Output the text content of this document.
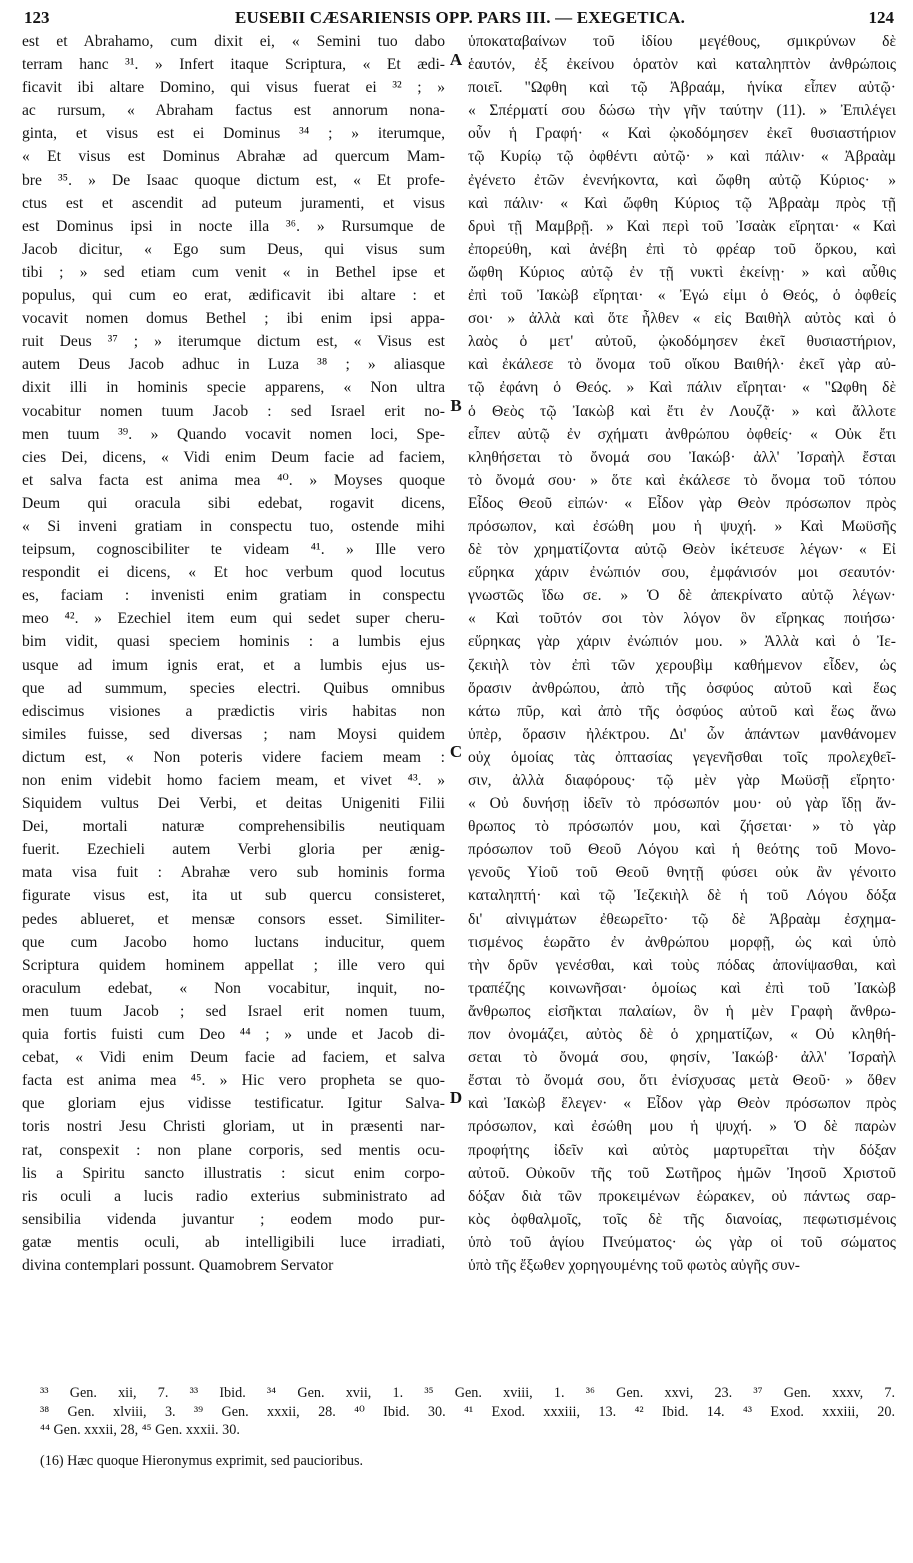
123	EUSEBII CÆSARIENSIS OPP. PARS III. — EXEGETICA.	124
est et Abrahamo, cum dixit ei, « Semini tuo dabo
terram hanc ³¹. » Infert itaque Scriptura, « Et ædi-
ficavit ibi altare Domino, qui visus fuerat ei ³² ; »
ac rursum, « Abraham factus est annorum nona-
ginta, et visus est ei Dominus ³⁴ ; » iterumque,
« Et visus est Dominus Abrahæ ad quercum Mam-
bre ³⁵. » De Isaac quoque dictum est, « Et profe-
ctus est et ascendit ad puteum juramenti, et visus
est Dominus ipsi in nocte illa ³⁶. » Rursumque de
Jacob dicitur, « Ego sum Deus, qui visus sum
tibi ; » sed etiam cum venit « in Bethel ipse et
populus, qui cum eo erat, ædificavit ibi altare : et
vocavit nomen domus Bethel ; ibi enim ipsi appa-
ruit Deus ³⁷ ; » iterumque dictum est, « Visus est
autem Deus Jacob adhuc in Luza ³⁸ ; » aliasque
dixit illi in hominis specie apparens, « Non ultra
vocabitur nomen tuum Jacob : sed Israel erit no-
men tuum ³⁹. » Quando vocavit nomen loci, Spe-
cies Dei, dicens, « Vidi enim Deum facie ad faciem,
et salva facta est anima mea ⁴⁰. » Moyses quoque
Deum qui oracula sibi edebat, rogavit dicens,
« Si inveni gratiam in conspectu tuo, ostende mihi
teipsum, cognoscibiliter te videam ⁴¹. » Ille vero
respondit ei dicens, « Et hoc verbum quod locutus
es, faciam : invenisti enim gratiam in conspectu
meo ⁴². » Ezechiel item eum qui sedet super cheru-
bim vidit, quasi speciem hominis : a lumbis ejus
usque ad imum ignis erat, et a lumbis ejus us-
que ad summum, species electri. Quibus omnibus
ediscimus visiones a prædictis viris habitas non
similes fuisse, sed diversas ; nam Moysi quidem
dictum est, « Non poteris videre faciem meam :
non enim videbit homo faciem meam, et vivet ⁴³. »
Siquidem vultus Dei Verbi, et deitas Unigeniti Filii
Dei, mortali naturæ comprehensibilis neutiquam
fuerit. Ezechieli autem Verbi gloria per ænig-
mata visa fuit : Abrahæ vero sub hominis forma
figurate visus est, ita ut sub quercu consisteret,
pedes ablueret, et mensæ consors esset. Similiter-
que cum Jacobo homo luctans inducitur, quem
Scriptura quidem hominem appellat ; ille vero qui
oraculum edebat, « Non vocabitur, inquit, no-
men tuum Jacob ; sed Israel erit nomen tuum,
quia fortis fuisti cum Deo ⁴⁴ ; » unde et Jacob di-
cebat, « Vidi enim Deum facie ad faciem, et salva
facta est anima mea ⁴⁵. » Hic vero propheta se quo-
que gloriam ejus vidisse testificatur. Igitur Salva-
toris nostri Jesu Christi gloriam, ut in præsenti nar-
rat, conspexit : non plane corporis, sed mentis ocu-
lis a Spiritu sancto illustratis : sicut enim corpo-
ris oculi a lucis radio exterius subministrato ad
sensibilia videnda juvantur ; eodem modo pur-
gatæ mentis oculi, ab intelligibili luce irradiati,
divina contemplari possunt. Quamobrem Servator
A
B
C
D
ὑποκαταβαίνων τοῦ ἰδίου μεγέθους, σμικρύνων δὲ
ἑαυτόν, ἐξ ἐκείνου ὁρατὸν καὶ καταληπτὸν ἀνθρώποις
ποιεῖ. "Ωφθη καὶ τῷ Ἀβραάμ, ἡνίκα εἶπεν αὐτῷ·
« Σπέρματί σου δώσω τὴν γῆν ταύτην (11). » Ἐπιλέγει
οὖν ἡ Γραφή· « Καὶ ᾠκοδόμησεν ἐκεῖ θυσιαστήριον
τῷ Κυρίῳ τῷ ὀφθέντι αὐτῷ· » καὶ πάλιν· « Ἀβραὰμ
ἐγένετο ἐτῶν ἐνενήκοντα, καὶ ὤφθη αὐτῷ Κύριος· »
καὶ πάλιν· « Καὶ ὤφθη Κύριος τῷ Ἀβραὰμ πρὸς τῇ
δρυὶ τῇ Μαμβρῇ. » Καὶ περὶ τοῦ Ἰσαὰκ εἴρηται· « Καὶ
ἐπορεύθη, καὶ ἀνέβη ἐπὶ τὸ φρέαρ τοῦ ὅρκου, καὶ
ὤφθη Κύριος αὐτῷ ἐν τῇ νυκτὶ ἐκείνῃ· » καὶ αὖθις
ἐπὶ τοῦ Ἰακὼβ εἴρηται· « Ἐγώ εἰμι ὁ Θεός, ὁ ὀφθείς
σοι· » ἀλλὰ καὶ ὅτε ἦλθεν « εἰς Βαιθὴλ αὐτὸς καὶ ὁ
λαὸς ὁ μετ' αὐτοῦ, ᾠκοδόμησεν ἐκεῖ θυσιαστήριον,
καὶ ἐκάλεσε τὸ ὄνομα τοῦ οἴκου Βαιθήλ· ἐκεῖ γὰρ αὐ-
τῷ ἐφάνη ὁ Θεός. » Καὶ πάλιν εἴρηται· « "Ωφθη δὲ
ὁ Θεὸς τῷ Ἰακὼβ καὶ ἔτι ἐν Λουζᾷ· » καὶ ἄλλοτε
εἶπεν αὐτῷ ἐν σχήματι ἀνθρώπου ὀφθείς· « Οὐκ ἔτι
κληθήσεται τὸ ὄνομά σου Ἰακώβ· ἀλλ' Ἰσραὴλ ἔσται
τὸ ὄνομά σου· » ὅτε καὶ ἐκάλεσε τὸ ὄνομα τοῦ τόπου
Εἶδος Θεοῦ εἰπών· « Εἶδον γὰρ Θεὸν πρόσωπον πρὸς
πρόσωπον, καὶ ἐσώθη μου ἡ ψυχή. » Καὶ Μωϋσῆς
δὲ τὸν χρηματίζοντα αὐτῷ Θεὸν ἱκέτευσε λέγων· « Εἰ
εὕρηκα χάριν ἐνώπιόν σου, ἐμφάνισόν μοι σεαυτόν·
γνωστῶς ἴδω σε. » Ὁ δὲ ἀπεκρίνατο αὐτῷ λέγων·
« Καὶ τοῦτόν σοι τὸν λόγον ὃν εἴρηκας ποιήσω·
εὕρηκας γὰρ χάριν ἐνώπιόν μου. » Ἀλλὰ καὶ ὁ Ἰε-
ζεκιὴλ τὸν ἐπὶ τῶν χερουβὶμ καθήμενον εἶδεν, ὡς
ὅρασιν ἀνθρώπου, ἀπὸ τῆς ὀσφύος αὐτοῦ καὶ ἕως
κάτω πῦρ, καὶ ἀπὸ τῆς ὀσφύος αὐτοῦ καὶ ἕως ἄνω
ὑπὲρ, ὅρασιν ἠλέκτρου. Δι' ὧν ἁπάντων μανθάνομεν
οὐχ ὁμοίας τὰς ὀπτασίας γεγενῆσθαι τοῖς προλεχθεῖ-
σιν, ἀλλὰ διαφόρους· τῷ μὲν γὰρ Μωϋσῇ εἴρητο·
« Οὐ δυνήσῃ ἰδεῖν τὸ πρόσωπόν μου· οὐ γὰρ ἴδῃ ἄν-
θρωπος τὸ πρόσωπόν μου, καὶ ζήσεται· » τὸ γὰρ
πρόσωπον τοῦ Θεοῦ Λόγου καὶ ἡ θεότης τοῦ Μονο-
γενοῦς Υἱοῦ τοῦ Θεοῦ θνητῇ φύσει οὐκ ἂν γένοιτο
καταληπτή· καὶ τῷ Ἰεζεκιὴλ δὲ ἡ τοῦ Λόγου δόξα
δι' αἰνιγμάτων ἐθεωρεῖτο· τῷ δὲ Ἀβραὰμ ἐσχημα-
τισμένος ἑωρᾶτο ἐν ἀνθρώπου μορφῇ, ὡς καὶ ὑπὸ
τὴν δρῦν γενέσθαι, καὶ τοὺς πόδας ἀπονίψασθαι, καὶ
τραπέζης κοινωνῆσαι· ὁμοίως καὶ ἐπὶ τοῦ Ἰακὼβ
ἄνθρωπος εἰσῆκται παλαίων, ὃν ἡ μὲν Γραφὴ ἄνθρω-
πον ὀνομάζει, αὐτὸς δὲ ὁ χρηματίζων, « Οὐ κληθή-
σεται τὸ ὄνομά σου, φησίν, Ἰακώβ· ἀλλ' Ἰσραὴλ
ἔσται τὸ ὄνομά σου, ὅτι ἐνίσχυσας μετὰ Θεοῦ· » ὅθεν
καὶ Ἰακὼβ ἔλεγεν· « Εἶδον γὰρ Θεὸν πρόσωπον πρὸς
πρόσωπον, καὶ ἐσώθη μου ἡ ψυχή. » Ὁ δὲ παρὼν
προφήτης ἰδεῖν καὶ αὐτὸς μαρτυρεῖται τὴν δόξαν
αὐτοῦ. Οὐκοῦν τῆς τοῦ Σωτῆρος ἡμῶν Ἰησοῦ Χριστοῦ
δόξαν διὰ τῶν προκειμένων ἑώρακεν, οὐ πάντως σαρ-
κὸς ὀφθαλμοῖς, τοῖς δὲ τῆς διανοίας, πεφωτισμένοις
ὑπὸ τοῦ ἁγίου Πνεύματος· ὡς γὰρ οἱ τοῦ σώματος
ὑπὸ τῆς ἔξωθεν χορηγουμένης τοῦ φωτὸς αὐγῆς συν-
³³ Gen. xii, 7. ³³ Ibid. ³⁴ Gen. xvii, 1. ³⁵ Gen. xviii, 1. ³⁶ Gen. xxvi, 23. ³⁷ Gen. xxxv, 7.
³⁸ Gen. xlviii, 3. ³⁹ Gen. xxxii, 28. ⁴⁰ Ibid. 30. ⁴¹ Exod. xxxiii, 13. ⁴² Ibid. 14. ⁴³ Exod. xxxiii, 20.
⁴⁴ Gen. xxxii, 28, ⁴⁵ Gen. xxxii. 30.
(16) Hæc quoque Hieronymus exprimit, sed paucioribus.
